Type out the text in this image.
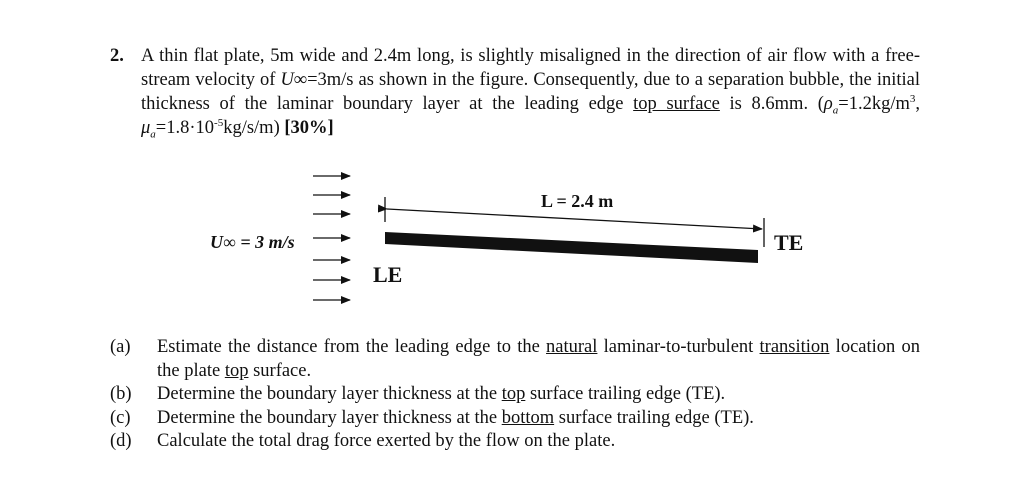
2. A thin flat plate, 5m wide and 2.4m long, is slightly misaligned in the direction of air flow with a free-stream velocity of U∞=3m/s as shown in the figure. Consequently, due to a separation bubble, the initial thickness of the laminar boundary layer at the leading edge top surface is 8.6mm. ($\rho_a=1.2kg/m^3$, $\mu_a=1.8\cdot 10^{-5}kg/s/m$) [30%]

U∞ = 3 m/s
L = 2.4 m
LE
TE
(a)	Estimate the distance from the leading edge to the natural laminar-to-turbulent transition location on the plate top surface.
(b)	Determine the boundary layer thickness at the top surface trailing edge (TE).
(c)	Determine the boundary layer thickness at the bottom surface trailing edge (TE).
(d)	Calculate the total drag force exerted by the flow on the plate.
